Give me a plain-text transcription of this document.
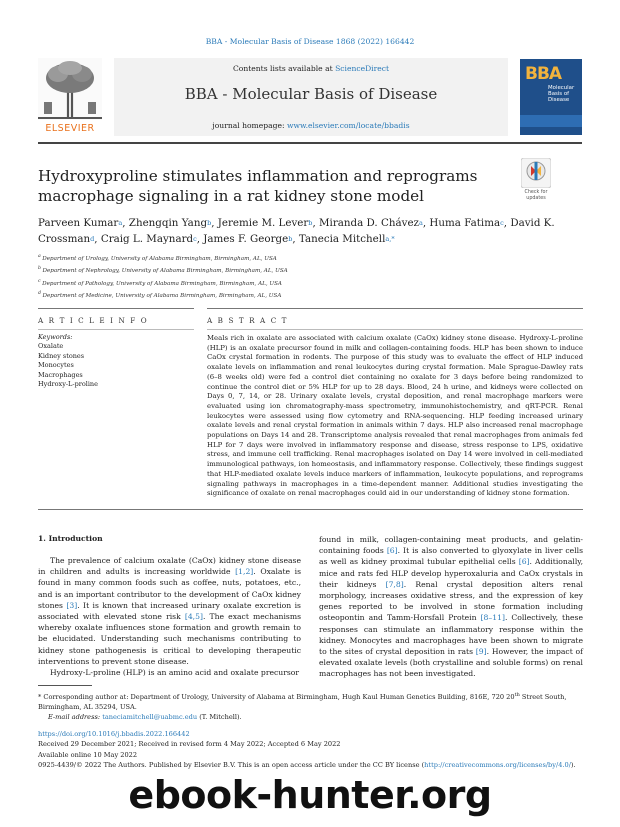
BBA - Molecular Basis of Disease 1868 (2022) 166442
ELSEVIER
Contents lists available at ScienceDirect
BBA - Molecular Basis of Disease
journal homepage: www.elsevier.com/locate/bbadis
BBA
Molecular
Basis of
Disease
Hydroxyproline stimulates inflammation and reprograms macrophage signaling in a rat kidney stone model	Check for
updates
Parveen Kumar$^a$, Zhengqin Yang$^b$, Jeremie M. Lever$^b$, Miranda D. Chávez$^a$, Huma Fatima$^c$, David K. Crossman$^d$, Craig L. Maynard$^c$, James F. George$^b$, Tanecia Mitchell$^{a,*}$
$^a$ Department of Urology, University of Alabama Birmingham, Birmingham, AL, USA
$^b$ Department of Nephrology, University of Alabama Birmingham, Birmingham, AL, USA
$^c$ Department of Pathology, University of Alabama Birmingham, Birmingham, AL, USA
$^d$ Department of Medicine, University of Alabama Birmingham, Birmingham, AL, USA
A R T I C L E I N F O	A B S T R A C T
Keywords:
Oxalate
Kidney stones
Monocytes
Macrophages
Hydroxy-L-proline
Meals rich in oxalate are associated with calcium oxalate (CaOx) kidney stone disease. Hydroxy-L-proline (HLP) is an oxalate precursor found in milk and collagen-containing foods. HLP has been shown to induce CaOx crystal formation in rodents. The purpose of this study was to evaluate the effect of HLP induced oxalate levels on inflammation and renal leukocytes during crystal formation. Male Sprague-Dawley rats (6–8 weeks old) were fed a control diet containing no oxalate for 3 days before being randomized to continue the control diet or 5% HLP for up to 28 days. Blood, 24 h urine, and kidneys were collected on Days 0, 7, 14, or 28. Urinary oxalate levels, crystal deposition, and renal macrophage markers were evaluated using ion chromatography-mass spectrometry, immunohistochemistry, and qRT-PCR. Renal leukocytes were assessed using flow cytometry and RNA-sequencing. HLP feeding increased urinary oxalate levels and renal crystal formation in animals within 7 days. HLP also increased renal macrophage populations on Days 14 and 28. Transcriptome analysis revealed that renal macrophages from animals fed HLP for 7 days were involved in inflammatory response and disease, stress response to LPS, oxidative stress, and immune cell trafficking. Renal macrophages isolated on Day 14 were involved in cell-mediated immunological pathways, ion homeostasis, and inflammatory response. Collectively, these findings suggest that HLP-mediated oxalate levels induce markers of inflammation, leukocyte populations, and reprograms signaling pathways in macrophages in a time-dependent manner. Additional studies investigating the significance of oxalate on renal macrophages could aid in our understanding of kidney stone formation.
1. Introduction

The prevalence of calcium oxalate (CaOx) kidney stone disease in children and adults is increasing worldwide [1,2]. Oxalate is found in many common foods such as coffee, nuts, potatoes, etc., and is an important contributor to the development of CaOx kidney stones [3]. It is known that increased urinary oxalate excretion is associated with elevated stone risk [4,5]. The exact mechanisms whereby oxalate influences stone formation and growth remain to be elucidated. Understanding such mechanisms contributing to kidney stone pathogenesis is critical to developing therapeutic interventions to prevent stone disease.

Hydroxy-L-proline (HLP) is an amino acid and oxalate precursor

found in milk, collagen-containing meat products, and gelatin-containing foods [6]. It is also converted to glyoxylate in liver cells as well as kidney proximal tubular epithelial cells [6]. Additionally, mice and rats fed HLP develop hyperoxaluria and CaOx crystals in their kidneys [7,8]. Renal crystal deposition alters renal morphology, increases oxidative stress, and the expression of key genes reported to be involved in stone formation including osteopontin and Tamm-Horsfall Protein [8–11]. Collectively, these responses can stimulate an inflammatory response within the kidney. Monocytes and macrophages have been shown to migrate to the sites of crystal deposition in rats [9]. However, the impact of elevated oxalate levels (both crystalline and soluble forms) on renal macrophages has not been investigated.

* Corresponding author at: Department of Urology, University of Alabama at Birmingham, Hugh Kaul Human Genetics Building, 816E, 720 20th Street South, Birmingham, AL 35294, USA.
E-mail address: taneciamitchell@uabmc.edu (T. Mitchell).
https://doi.org/10.1016/j.bbadis.2022.166442
Received 29 December 2021; Received in revised form 4 May 2022; Accepted 6 May 2022
Available online 10 May 2022
0925-4439/© 2022 The Authors. Published by Elsevier B.V. This is an open access article under the CC BY license (http://creativecommons.org/licenses/by/4.0/).
ebook-hunter.org
